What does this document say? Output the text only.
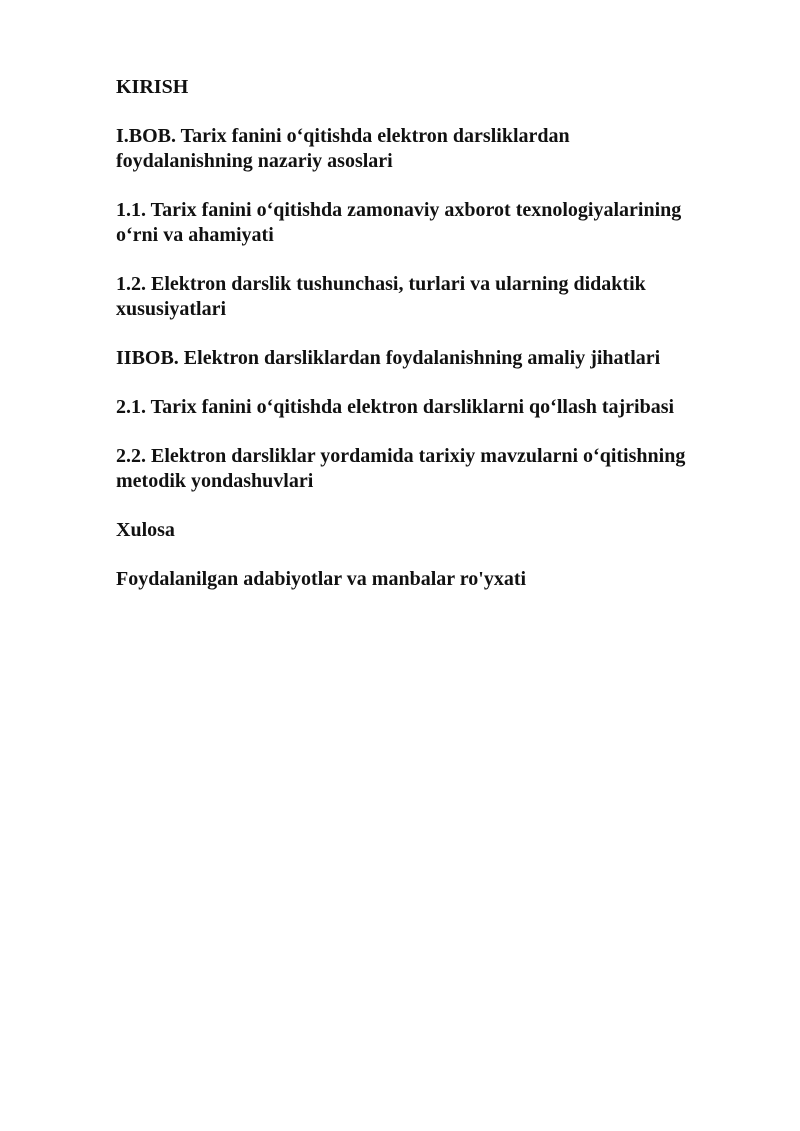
KIRISH
I.BOB. Tarix fanini o‘qitishda elektron darsliklardan
foydalanishning nazariy asoslari
1.1. Tarix fanini o‘qitishda zamonaviy axborot texnologiyalarining
o‘rni va ahamiyati
1.2. Elektron darslik tushunchasi, turlari va ularning didaktik
xususiyatlari
IIBOB. Elektron darsliklardan foydalanishning amaliy jihatlari
2.1. Tarix fanini o‘qitishda elektron darsliklarni qo‘llash tajribasi
2.2. Elektron darsliklar yordamida tarixiy mavzularni o‘qitishning
metodik yondashuvlari
Xulosa
Foydalanilgan adabiyotlar va manbalar ro'yxati
